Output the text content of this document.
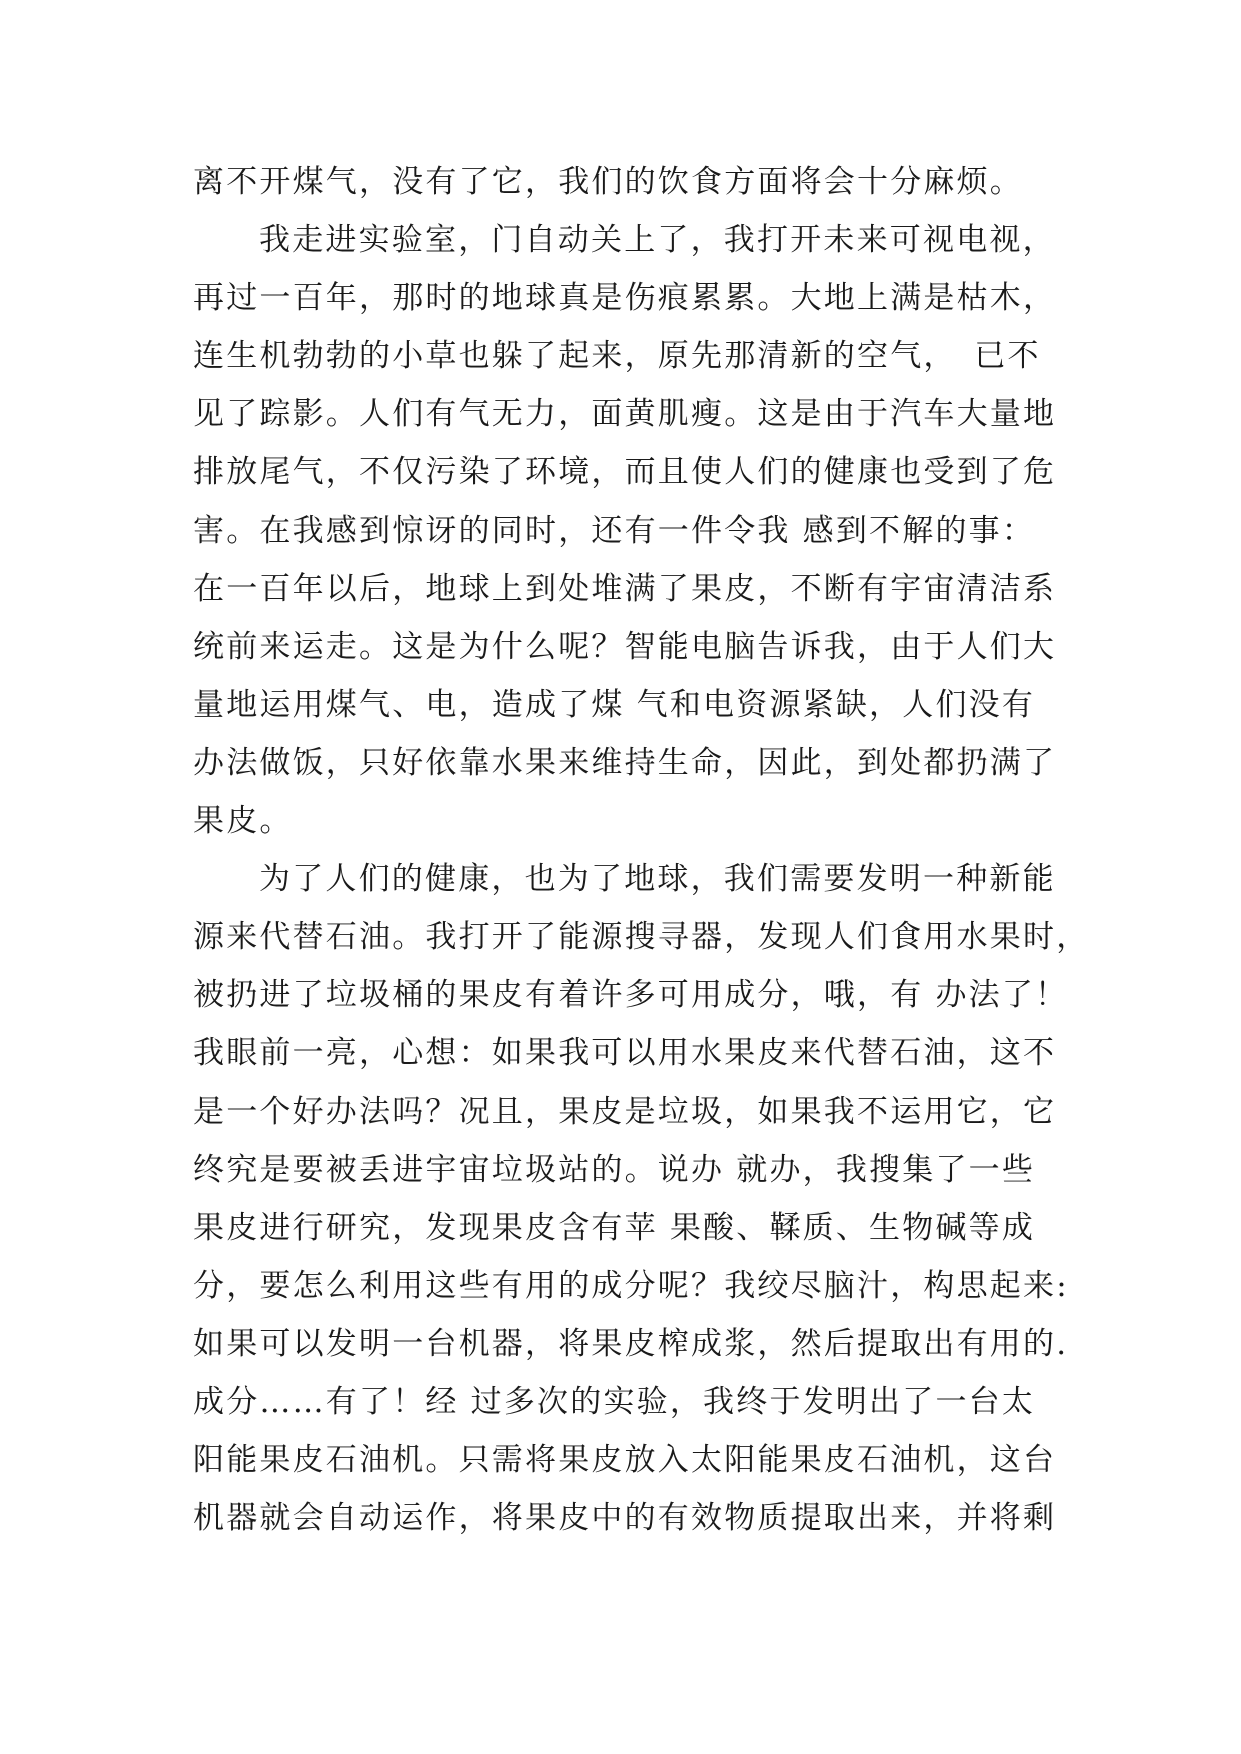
离不开煤气，没有了它，我们的饮食方面将会十分麻烦。
我走进实验室，门自动关上了，我打开未来可视电视，
再过一百年，那时的地球真是伤痕累累。大地上满是枯木，
连生机勃勃的小草也躲了起来，原先那清新的空气，　已不
见了踪影。人们有气无力，面黄肌瘦。这是由于汽车大量地
排放尾气，不仅污染了环境，而且使人们的健康也受到了危
害。在我感到惊讶的同时，还有一件令我 感到不解的事：
在一百年以后，地球上到处堆满了果皮，不断有宇宙清洁系
统前来运走。这是为什么呢？智能电脑告诉我，由于人们大
量地运用煤气、电，造成了煤 气和电资源紧缺，人们没有
办法做饭，只好依靠水果来维持生命，因此，到处都扔满了
果皮。
为了人们的健康，也为了地球，我们需要发明一种新能
源来代替石油。我打开了能源搜寻器，发现人们食用水果时，
被扔进了垃圾桶的果皮有着许多可用成分，哦，有 办法了！
我眼前一亮，心想：如果我可以用水果皮来代替石油，这不
是一个好办法吗？况且，果皮是垃圾，如果我不运用它，它
终究是要被丢进宇宙垃圾站的。说办 就办，我搜集了一些
果皮进行研究，发现果皮含有苹 果酸、鞣质、生物碱等成
分，要怎么利用这些有用的成分呢？我绞尽脑汁，构思起来:
如果可以发明一台机器，将果皮榨成浆，然后提取出有用的.
成分……有了！经 过多次的实验，我终于发明出了一台太
阳能果皮石油机。只需将果皮放入太阳能果皮石油机，这台
机器就会自动运作，将果皮中的有效物质提取出来，并将剩
